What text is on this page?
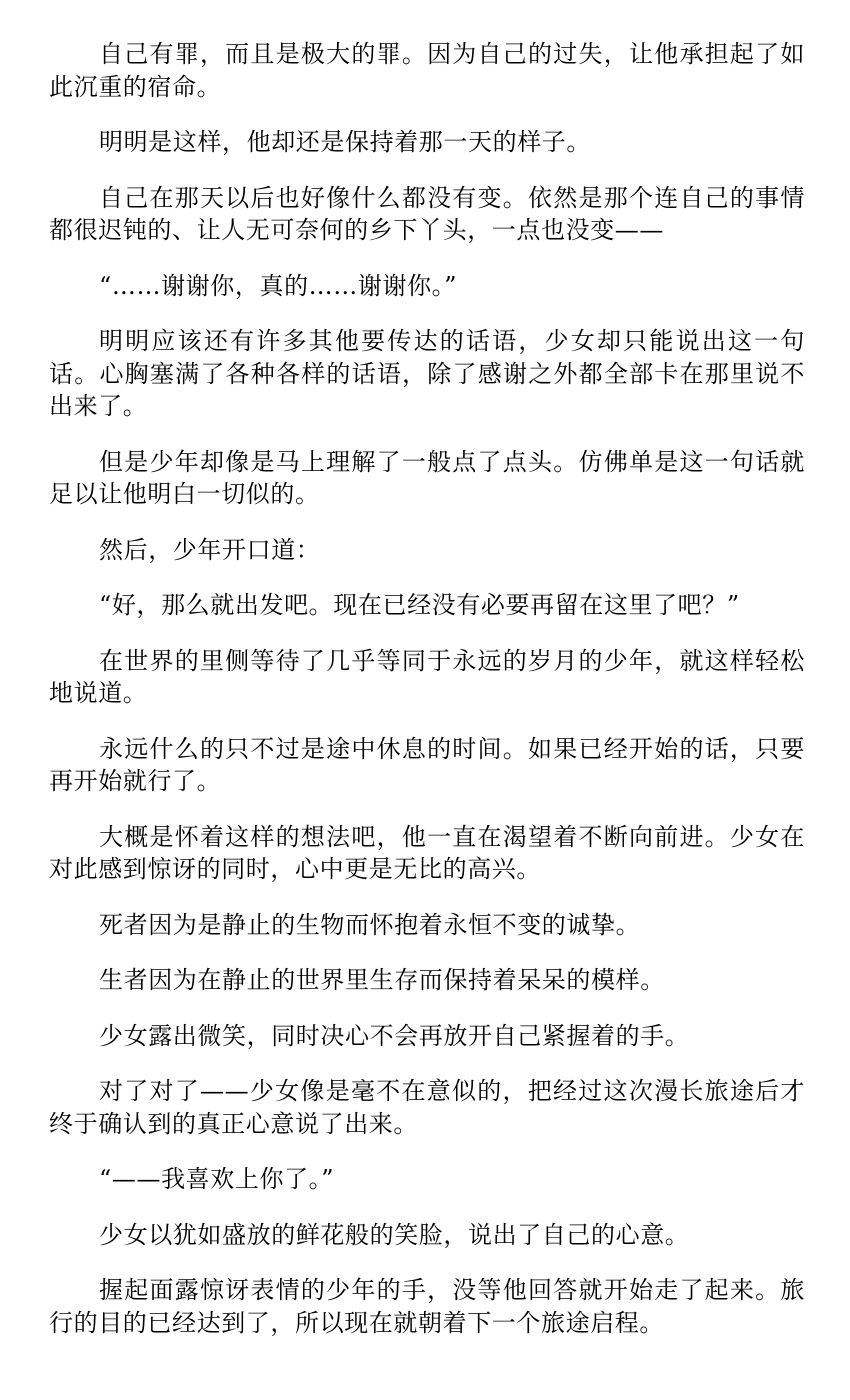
自己有罪，而且是极大的罪。因为自己的过失，让他承担起了如此沉重的宿命。

明明是这样，他却还是保持着那一天的样子。

自己在那天以后也好像什么都没有变。依然是那个连自己的事情都很迟钝的、让人无可奈何的乡下丫头，一点也没变——

“……谢谢你，真的……谢谢你。”

明明应该还有许多其他要传达的话语，少女却只能说出这一句话。心胸塞满了各种各样的话语，除了感谢之外都全部卡在那里说不出来了。

但是少年却像是马上理解了一般点了点头。仿佛单是这一句话就足以让他明白一切似的。

然后，少年开口道：

“好，那么就出发吧。现在已经没有必要再留在这里了吧？”

在世界的里侧等待了几乎等同于永远的岁月的少年，就这样轻松地说道。

永远什么的只不过是途中休息的时间。如果已经开始的话，只要再开始就行了。

大概是怀着这样的想法吧，他一直在渴望着不断向前进。少女在对此感到惊讶的同时，心中更是无比的高兴。

死者因为是静止的生物而怀抱着永恒不变的诚挚。

生者因为在静止的世界里生存而保持着呆呆的模样。

少女露出微笑，同时决心不会再放开自己紧握着的手。

对了对了——少女像是毫不在意似的，把经过这次漫长旅途后才终于确认到的真正心意说了出来。

“——我喜欢上你了。”

少女以犹如盛放的鲜花般的笑脸，说出了自己的心意。

握起面露惊讶表情的少年的手，没等他回答就开始走了起来。旅行的目的已经达到了，所以现在就朝着下一个旅途启程。
